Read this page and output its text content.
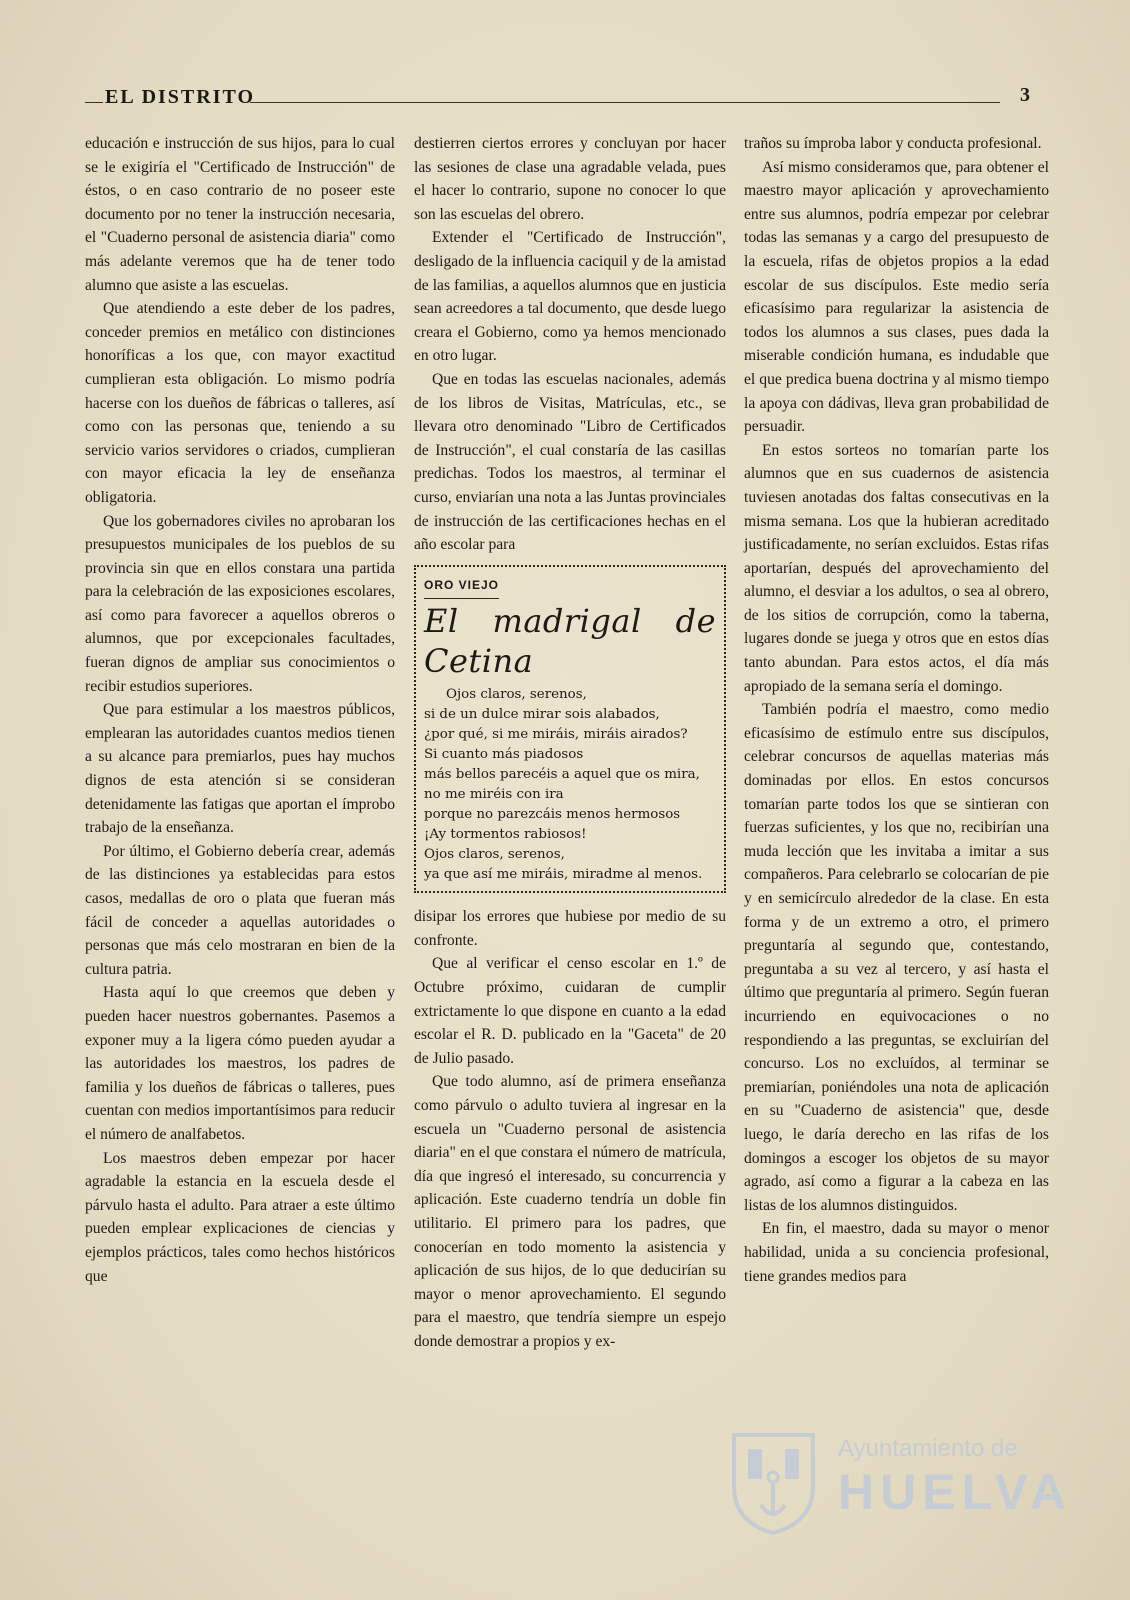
EL DISTRITO	3

educación e instrucción de sus hijos, para lo cual se le exigiría el "Certificado de Instrucción" de éstos, o en caso contrario de no poseer este documento por no tener la instrucción necesaria, el "Cuaderno personal de asistencia diaria" como más adelante veremos que ha de tener todo alumno que asiste a las escuelas.

Que atendiendo a este deber de los padres, conceder premios en metálico con distinciones honoríficas a los que, con mayor exactitud cumplieran esta obligación. Lo mismo podría hacerse con los dueños de fábricas o talleres, así como con las personas que, teniendo a su servicio varios servidores o criados, cumplieran con mayor eficacia la ley de enseñanza obligatoria.

Que los gobernadores civiles no aprobaran los presupuestos municipales de los pueblos de su provincia sin que en ellos constara una partida para la celebración de las exposiciones escolares, así como para favorecer a aquellos obreros o alumnos, que por excepcionales facultades, fueran dignos de ampliar sus conocimientos o recibir estudios superiores.

Que para estimular a los maestros públicos, emplearan las autoridades cuantos medios tienen a su alcance para premiarlos, pues hay muchos dignos de esta atención si se consideran detenidamente las fatigas que aportan el ímprobo trabajo de la enseñanza.

Por último, el Gobierno debería crear, además de las distinciones ya establecidas para estos casos, medallas de oro o plata que fueran más fácil de conceder a aquellas autoridades o personas que más celo mostraran en bien de la cultura patria.

Hasta aquí lo que creemos que deben y pueden hacer nuestros gobernantes. Pasemos a exponer muy a la ligera cómo pueden ayudar a las autoridades los maestros, los padres de familia y los dueños de fábricas o talleres, pues cuentan con medios importantísimos para reducir el número de analfabetos.

Los maestros deben empezar por hacer agradable la estancia en la escuela desde el párvulo hasta el adulto. Para atraer a este último pueden emplear explicaciones de ciencias y ejemplos prácticos, tales como hechos históricos que

destierren ciertos errores y concluyan por hacer las sesiones de clase una agradable velada, pues el hacer lo contrario, supone no conocer lo que son las escuelas del obrero.

Extender el "Certificado de Instrucción", desligado de la influencia caciquil y de la amistad de las familias, a aquellos alumnos que en justicia sean acreedores a tal documento, que desde luego creara el Gobierno, como ya hemos mencionado en otro lugar.

Que en todas las escuelas nacionales, además de los libros de Visitas, Matrículas, etc., se llevara otro denominado "Libro de Certificados de Instrucción", el cual constaría de las casillas predichas. Todos los maestros, al terminar el curso, enviarían una nota a las Juntas provinciales de instrucción de las certificaciones hechas en el año escolar para

ORO VIEJO
El madrigal de Cetina
Ojos claros, serenos,
si de un dulce mirar sois alabados,
¿por qué, si me miráis, miráis airados?
Si cuanto más piadosos
más bellos parecéis a aquel que os mira,
no me miréis con ira
porque no parezcáis menos hermosos
¡Ay tormentos rabiosos!
Ojos claros, serenos,
ya que así me miráis, miradme al menos.

disipar los errores que hubiese por medio de su confronte.

Que al verificar el censo escolar en 1.º de Octubre próximo, cuidaran de cumplir extrictamente lo que dispone en cuanto a la edad escolar el R. D. publicado en la "Gaceta" de 20 de Julio pasado.

Que todo alumno, así de primera enseñanza como párvulo o adulto tuviera al ingresar en la escuela un "Cuaderno personal de asistencia diaria" en el que constara el número de matrícula, día que ingresó el interesado, su concurrencia y aplicación. Este cuaderno tendría un doble fin utilitario. El primero para los padres, que conocerían en todo momento la asistencia y aplicación de sus hijos, de lo que deducirían su mayor o menor aprovechamiento. El segundo para el maestro, que tendría siempre un espejo donde demostrar a propios y ex-

traños su ímproba labor y conducta profesional.

Así mismo consideramos que, para obtener el maestro mayor aplicación y aprovechamiento entre sus alumnos, podría empezar por celebrar todas las semanas y a cargo del presupuesto de la escuela, rifas de objetos propios a la edad escolar de sus discípulos. Este medio sería eficasísimo para regularizar la asistencia de todos los alumnos a sus clases, pues dada la miserable condición humana, es indudable que el que predica buena doctrina y al mismo tiempo la apoya con dádivas, lleva gran probabilidad de persuadir.

En estos sorteos no tomarían parte los alumnos que en sus cuadernos de asistencia tuviesen anotadas dos faltas consecutivas en la misma semana. Los que la hubieran acreditado justificadamente, no serían excluidos. Estas rifas aportarían, después del aprovechamiento del alumno, el desviar a los adultos, o sea al obrero, de los sitios de corrupción, como la taberna, lugares donde se juega y otros que en estos días tanto abundan. Para estos actos, el día más apropiado de la semana sería el domingo.

También podría el maestro, como medio eficasísimo de estímulo entre sus discípulos, celebrar concursos de aquellas materias más dominadas por ellos. En estos concursos tomarían parte todos los que se sintieran con fuerzas suficientes, y los que no, recibirían una muda lección que les invitaba a imitar a sus compañeros. Para celebrarlo se colocarían de pie y en semicírculo alrededor de la clase. En esta forma y de un extremo a otro, el primero preguntaría al segundo que, contestando, preguntaba a su vez al tercero, y así hasta el último que preguntaría al primero. Según fueran incurriendo en equivocaciones o no respondiendo a las preguntas, se excluirían del concurso. Los no excluídos, al terminar se premiarían, poniéndoles una nota de aplicación en su "Cuaderno de asistencia" que, desde luego, le daría derecho en las rifas de los domingos a escoger los objetos de su mayor agrado, así como a figurar a la cabeza en las listas de los alumnos distinguidos.

En fin, el maestro, dada su mayor o menor habilidad, unida a su conciencia profesional, tiene grandes medios para

Ayuntamiento de
HUELVA
